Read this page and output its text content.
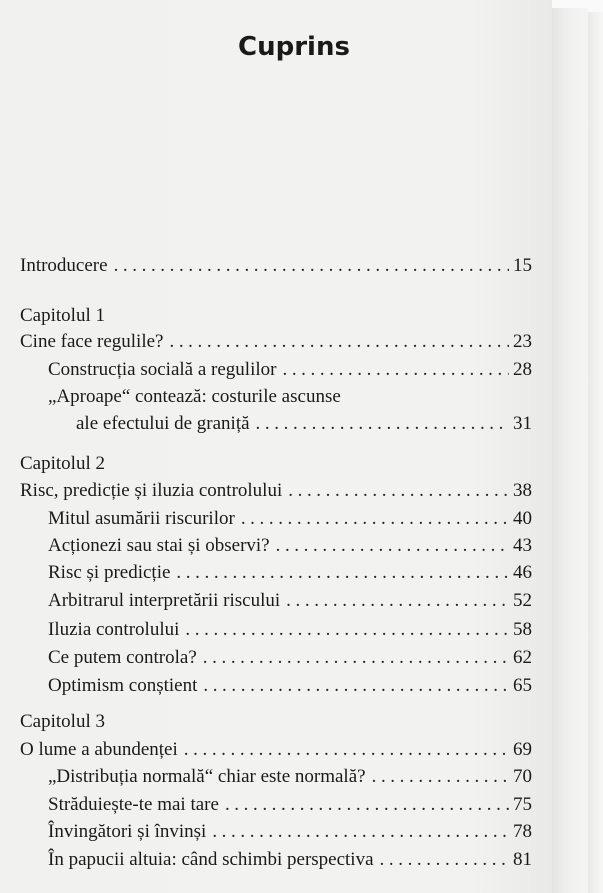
Cuprins
Introducere .....	15
Capitolul 1
Cine face regulile? .....	23
Construcția socială a regulilor .....	28
„Aproape“ contează: costurile ascunse
ale efectului de graniță .....	31
Capitolul 2
Risc, predicție și iluzia controlului .....	38
Mitul asumării riscurilor .....	40
Acționezi sau stai și observi? .....	43
Risc și predicție .....	46
Arbitrarul interpretării riscului .....	52
Iluzia controlului .....	58
Ce putem controla? .....	62
Optimism conștient .....	65
Capitolul 3
O lume a abundenței .....	69
„Distribuția normală“ chiar este normală? .....	70
Străduiește-te mai tare .....	75
Învingători și învinși .....	78
În papucii altuia: când schimbi perspectiva .....	81
